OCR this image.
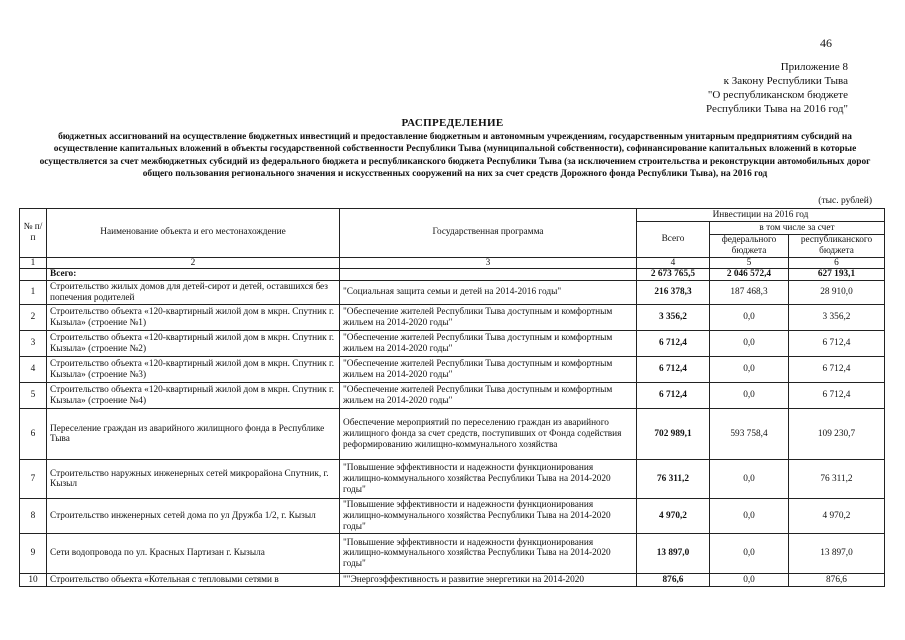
46
Приложение 8
к Закону Республики Тыва
"О республиканском бюджете
Республики Тыва на 2016 год"
РАСПРЕДЕЛЕНИЕ
бюджетных ассигнований на осуществление бюджетных инвестиций и предоставление бюджетным и автономным учреждениям, государственным унитарным предприятиям субсидий на осуществление капитальных вложений в объекты государственной собственности Республики Тыва (муниципальной собственности), софинансирование капитальных вложений в которые осуществляется за счет межбюджетных субсидий из федерального бюджета и республиканского бюджета Республики Тыва (за исключением строительства и реконструкции автомобильных дорог общего пользования регионального значения и искусственных сооружений на них за счет средств Дорожного фонда Республики Тыва), на 2016 год
(тыс. рублей)
№ п/п	Наименование объекта и его местонахождение	Государственная программа	Инвестиции на 2016 год		
			Всего	в том числе за счет	
				федерального бюджета	республиканского бюджета
1	2	3	4	5	6
	Всего:		2 673 765,5	2 046 572,4	627 193,1
1	Строительство жилых домов для детей-сирот и детей, оставшихся без попечения родителей	"Социальная защита семьи и детей на 2014-2016 годы"	216 378,3	187 468,3	28 910,0
2	Строительство объекта «120-квартирный жилой дом в мкрн. Спутник г. Кызыла» (строение №1)	"Обеспечение жителей Республики Тыва доступным и комфортным жильем на 2014-2020 годы"	3 356,2	0,0	3 356,2
3	Строительство объекта «120-квартирный жилой дом в мкрн. Спутник г. Кызыла» (строение №2)	"Обеспечение жителей Республики Тыва доступным и комфортным жильем на 2014-2020 годы"	6 712,4	0,0	6 712,4
4	Строительство объекта «120-квартирный жилой дом в мкрн. Спутник г. Кызыла» (строение №3)	"Обеспечение жителей Республики Тыва доступным и комфортным жильем на 2014-2020 годы"	6 712,4	0,0	6 712,4
5	Строительство объекта «120-квартирный жилой дом в мкрн. Спутник г. Кызыла» (строение №4)	"Обеспечение жителей Республики Тыва доступным и комфортным жильем на 2014-2020 годы"	6 712,4	0,0	6 712,4
6	Переселение граждан из аварийного жилищного фонда в Республике Тыва	Обеспечение мероприятий по переселению граждан из аварийного жилищного фонда за счет средств, поступивших от Фонда содействия реформированию жилищно-коммунального хозяйства	702 989,1	593 758,4	109 230,7
7	Строительство наружных инженерных сетей микрорайона Спутник, г. Кызыл	"Повышение эффективности и надежности функционирования жилищно-коммунального хозяйства Республики Тыва на 2014-2020 годы"	76 311,2	0,0	76 311,2
8	Строительство инженерных сетей дома по ул Дружба 1/2, г. Кызыл	"Повышение эффективности и надежности функционирования жилищно-коммунального хозяйства Республики Тыва на 2014-2020 годы"	4 970,2	0,0	4 970,2
9	Сети водопровода по ул. Красных Партизан г. Кызыла	"Повышение эффективности и надежности функционирования жилищно-коммунального хозяйства Республики Тыва на 2014-2020 годы"	13 897,0	0,0	13 897,0
10	Строительство объекта «Котельная с тепловыми сетями в	""Энергоэффективность и развитие энергетики на 2014-2020	876,6	0,0	876,6
